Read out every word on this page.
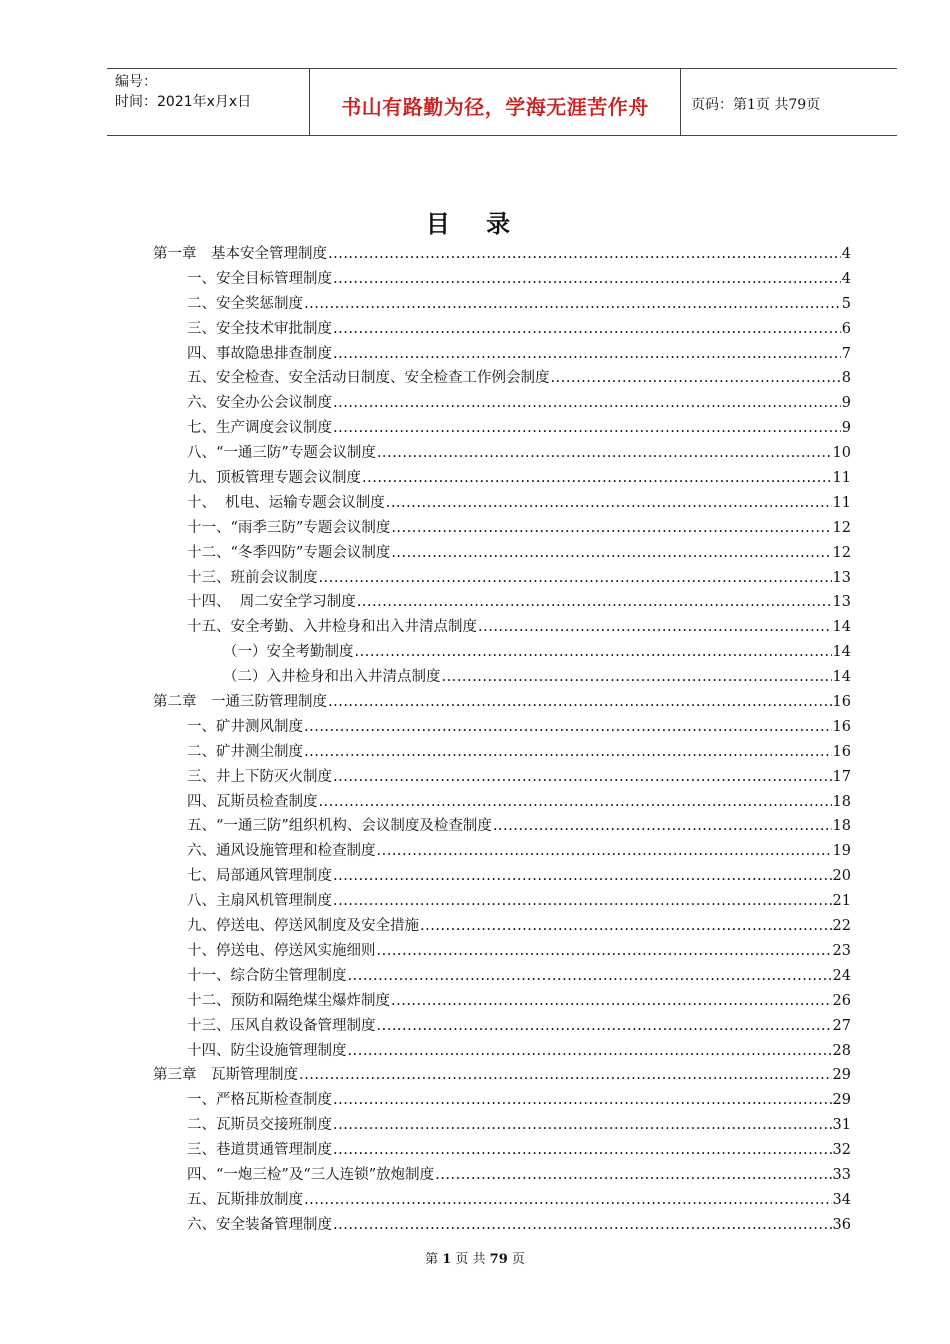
编号：
时间：2021年x月x日	书山有路勤为径，学海无涯苦作舟	页码：第1页 共79页
目 录
第一章　基本安全管理制度 .....	4
一、安全目标管理制度 .....	4
二、安全奖惩制度 .....	5
三、安全技术审批制度 .....	6
四、事故隐患排查制度 .....	7
五、安全检查、安全活动日制度、安全检查工作例会制度 .....	8
六、安全办公会议制度 .....	9
七、生产调度会议制度 .....	9
八、“一通三防”专题会议制度 .....	10
九、顶板管理专题会议制度 .....	11
十、  机电、运输专题会议制度 .....	11
十一、“雨季三防”专题会议制度 .....	12
十二、“冬季四防”专题会议制度 .....	12
十三、班前会议制度 .....	13
十四、  周二安全学习制度 .....	13
十五、安全考勤、入井检身和出入井清点制度 .....	14
（一）安全考勤制度 .....	14
（二）入井检身和出入井清点制度 .....	14
第二章　一通三防管理制度 .....	16
一、矿井测风制度 .....	16
二、矿井测尘制度 .....	16
三、井上下防灭火制度 .....	17
四、瓦斯员检查制度 .....	18
五、“一通三防”组织机构、会议制度及检查制度 .....	18
六、通风设施管理和检查制度 .....	19
七、局部通风管理制度 .....	20
八、主扇风机管理制度 .....	21
九、停送电、停送风制度及安全措施 .....	22
十、停送电、停送风实施细则 .....	23
十一、综合防尘管理制度 .....	24
十二、预防和隔绝煤尘爆炸制度 .....	26
十三、压风自救设备管理制度 .....	27
十四、防尘设施管理制度 .....	28
第三章　瓦斯管理制度 .....	29
一、严格瓦斯检查制度 .....	29
二、瓦斯员交接班制度 .....	31
三、巷道贯通管理制度 .....	32
四、“一炮三检”及“三人连锁”放炮制度 .....	33
五、瓦斯排放制度 .....	34
六、安全装备管理制度 .....	36
第 1 页 共 79 页
